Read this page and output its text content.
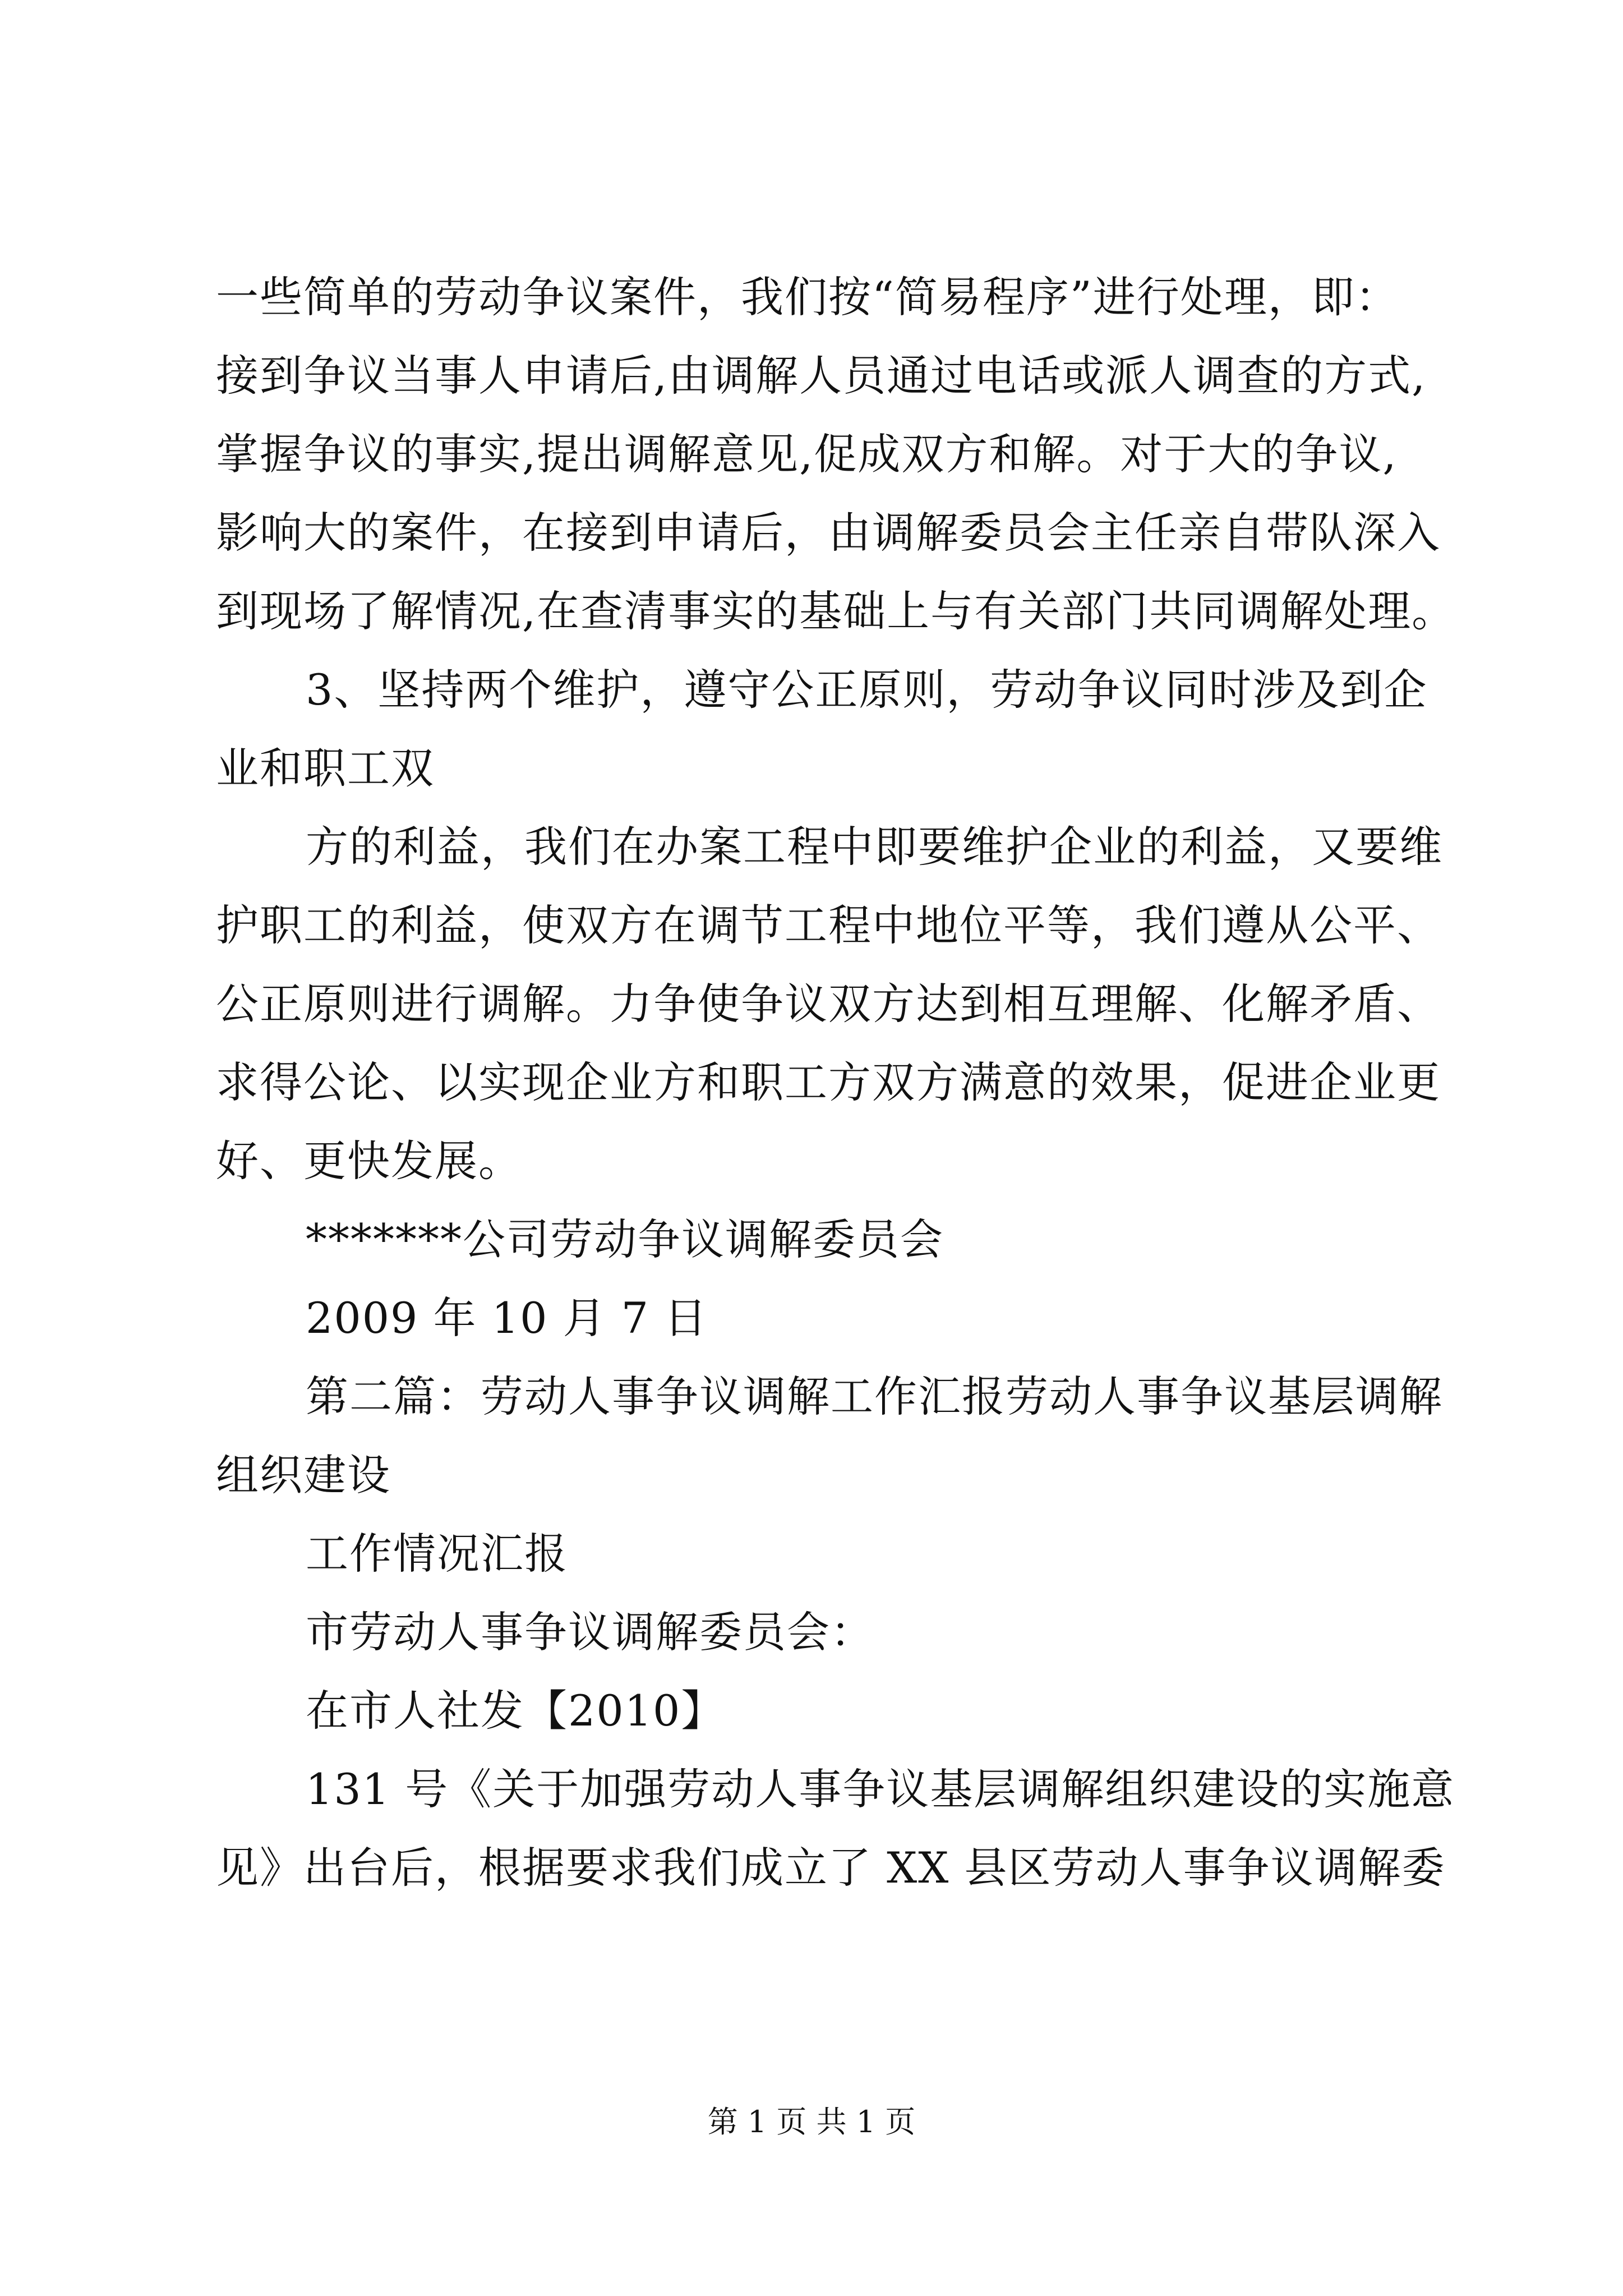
一些简单的劳动争议案件，我们按“简易程序”进行处理，即：
接到争议当事人申请后,由调解人员通过电话或派人调查的方式,
掌握争议的事实,提出调解意见,促成双方和解。对于大的争议,
影响大的案件，在接到申请后，由调解委员会主任亲自带队深入
到现场了解情况,在查清事实的基础上与有关部门共同调解处理。
3、坚持两个维护，遵守公正原则，劳动争议同时涉及到企
业和职工双
方的利益，我们在办案工程中即要维护企业的利益，又要维
护职工的利益，使双方在调节工程中地位平等，我们遵从公平、
公正原则进行调解。力争使争议双方达到相互理解、化解矛盾、
求得公论、以实现企业方和职工方双方满意的效果，促进企业更
好、更快发展。
*******公司劳动争议调解委员会
2009 年 10 月 7 日
第二篇：劳动人事争议调解工作汇报劳动人事争议基层调解
组织建设
工作情况汇报
市劳动人事争议调解委员会：
在市人社发【2010】
131 号《关于加强劳动人事争议基层调解组织建设的实施意
见》出台后，根据要求我们成立了 XX 县区劳动人事争议调解委
第 1 页 共 1 页
